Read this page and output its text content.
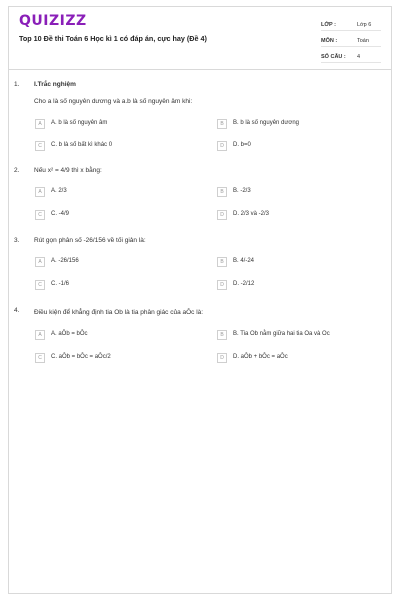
QUIZIZZ
Top 10 Đề thi Toán 6 Học kì 1 có đáp án, cực hay (Đề 4)
LỚP :	Lớp 6
MÔN :	Toán
SỐ CÂU : 4
1. I.Trắc nghiệm
Cho a là số nguyên dương và a.b là số nguyên âm khi:
A	A. b là số nguyên âm	B	B. b là số nguyên dương
C	C. b là số bất kì khác 0	D	D. b=0
2. Nếu x² = 4/9 thì x bằng:
A	A. 2/3	B	B. -2/3
C	C. -4/9	D	D. 2/3 và -2/3
3. Rút gọn phân số -26/156 về tối giản là:
A	A. -26/156	B	B. 4/-24
C	C. -1/6	D	D. -2/12
4. Điều kiện để khẳng định tia Ob là tia phân giác của aÔc là:
A	A. aÔb = bÔc	B	B. Tia Ob nằm giữa hai tia Oa và Oc
C	C. aÔb = bÔc = aÔc/2	D	D. aÔb + bÔc = aÔc
